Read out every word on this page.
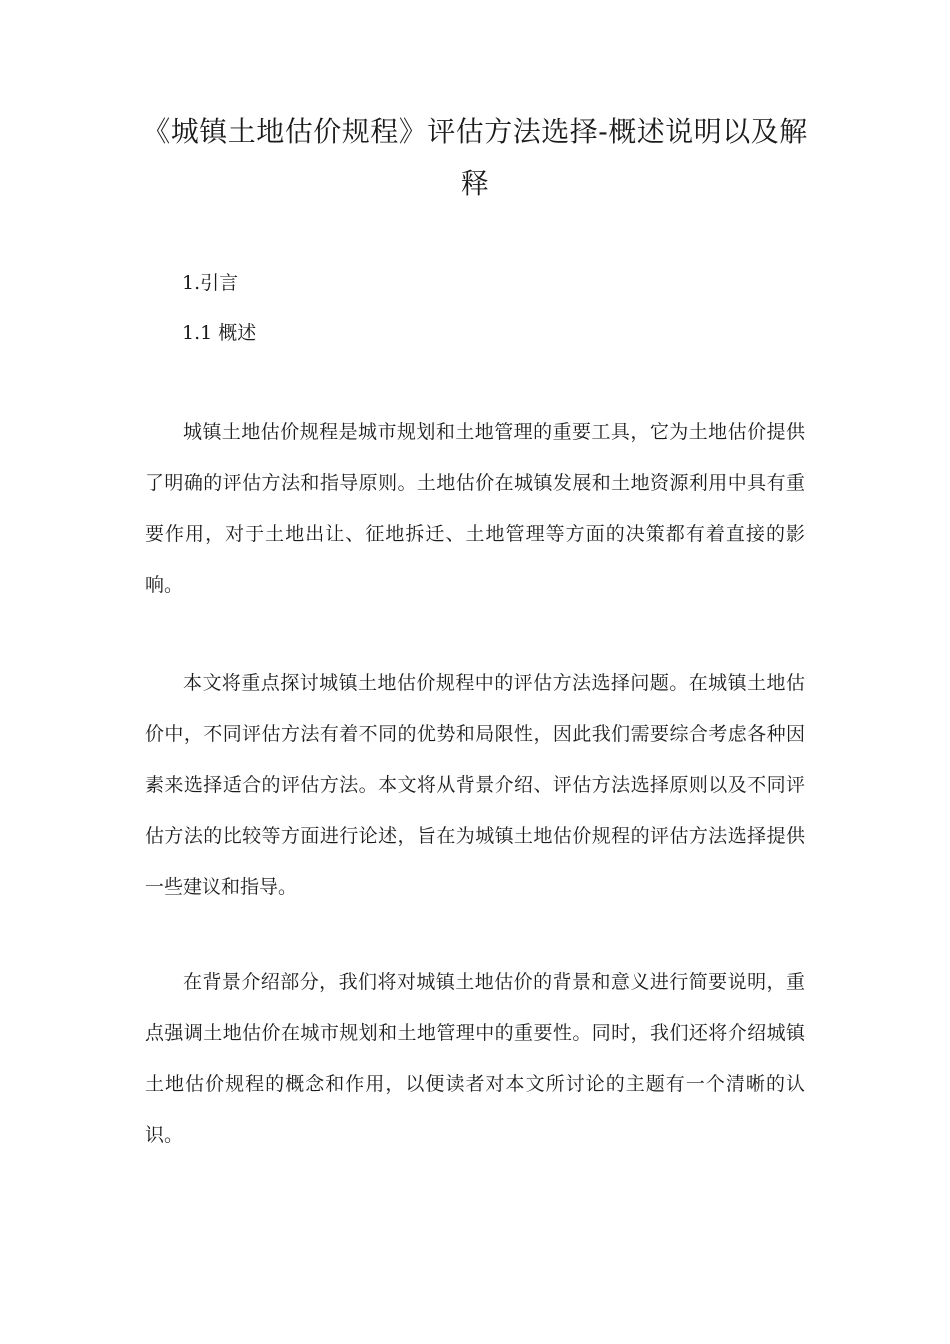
《城镇土地估价规程》评估方法选择-概述说明以及解释

1.引言

1.1 概述

城镇土地估价规程是城市规划和土地管理的重要工具，它为土地估价提供了明确的评估方法和指导原则。土地估价在城镇发展和土地资源利用中具有重要作用，对于土地出让、征地拆迁、土地管理等方面的决策都有着直接的影响。

本文将重点探讨城镇土地估价规程中的评估方法选择问题。在城镇土地估价中，不同评估方法有着不同的优势和局限性，因此我们需要综合考虑各种因素来选择适合的评估方法。本文将从背景介绍、评估方法选择原则以及不同评估方法的比较等方面进行论述，旨在为城镇土地估价规程的评估方法选择提供一些建议和指导。

在背景介绍部分，我们将对城镇土地估价的背景和意义进行简要说明，重点强调土地估价在城市规划和土地管理中的重要性。同时，我们还将介绍城镇土地估价规程的概念和作用，以便读者对本文所讨论的主题有一个清晰的认识。
